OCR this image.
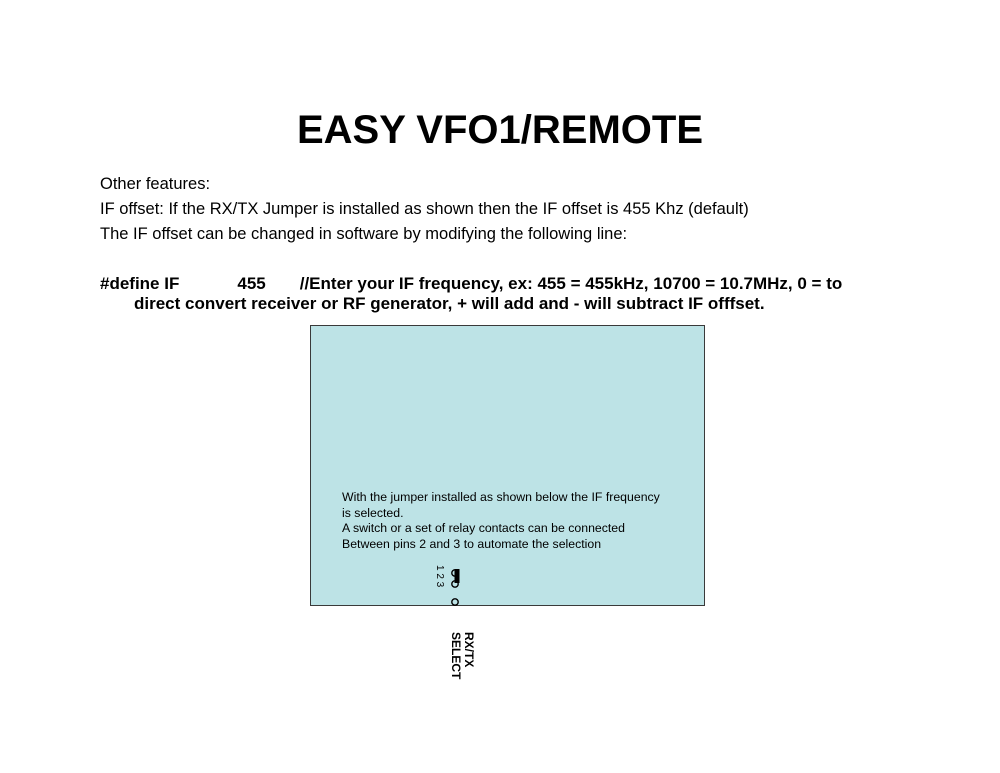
EASY VFO1/REMOTE
Other features:
IF offset: If the RX/TX Jumper is installed as shown then the IF offset is 455 Khz (default)
The IF offset can be changed in software by modifying the following line:
#define IF	455 //Enter your IF frequency, ex: 455 = 455kHz, 10700 = 10.7MHz, 0 = to
direct convert receiver or RF generator, + will add and - will subtract IF offfset.
With the jumper installed as shown below the IF frequency
is selected.
A switch or a set of relay contacts can be connected
Between pins 2 and 3 to automate the selection
1 2 3
RX/TX
SELECT
